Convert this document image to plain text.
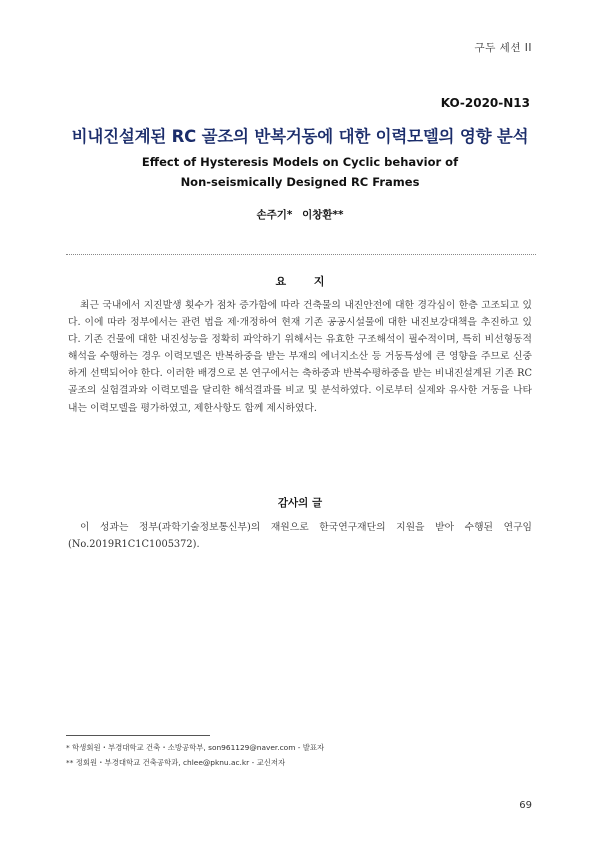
구두 세션 II
KO-2020-N13
비내진설계된 RC 골조의 반복거동에 대한 이력모델의 영향 분석
Effect of Hysteresis Models on Cyclic behavior of
Non-seismically Designed RC Frames
손주기* 이창환**
요 지

최근 국내에서 지진발생 횟수가 점차 증가함에 따라 건축물의 내진안전에 대한 경각심이 한층 고조되고 있다. 이에 따라 정부에서는 관련 법을 제·개정하여 현재 기존 공공시설물에 대한 내진보강대책을 추진하고 있다. 기존 건물에 대한 내진성능을 정확히 파악하기 위해서는 유효한 구조해석이 필수적이며, 특히 비선형동적해석을 수행하는 경우 이력모델은 반복하중을 받는 부재의 에너지소산 등 거동특성에 큰 영향을 주므로 신중하게 선택되어야 한다. 이러한 배경으로 본 연구에서는 축하중과 반복수평하중을 받는 비내진설계된 기존 RC 골조의 실험결과와 이력모델을 달리한 해석결과를 비교 및 분석하였다. 이로부터 실제와 유사한 거동을 나타내는 이력모델을 평가하였고, 제한사항도 함께 제시하였다.

감사의 글

이 성과는 정부(과학기술정보통신부)의 재원으로 한국연구재단의 지원을 받아 수행된 연구임(No.2019R1C1C1005372).

* 학생회원・부경대학교 건축・소방공학부, son961129@naver.com - 발표자
** 정회원・부경대학교 건축공학과, chlee@pknu.ac.kr - 교신저자
69
